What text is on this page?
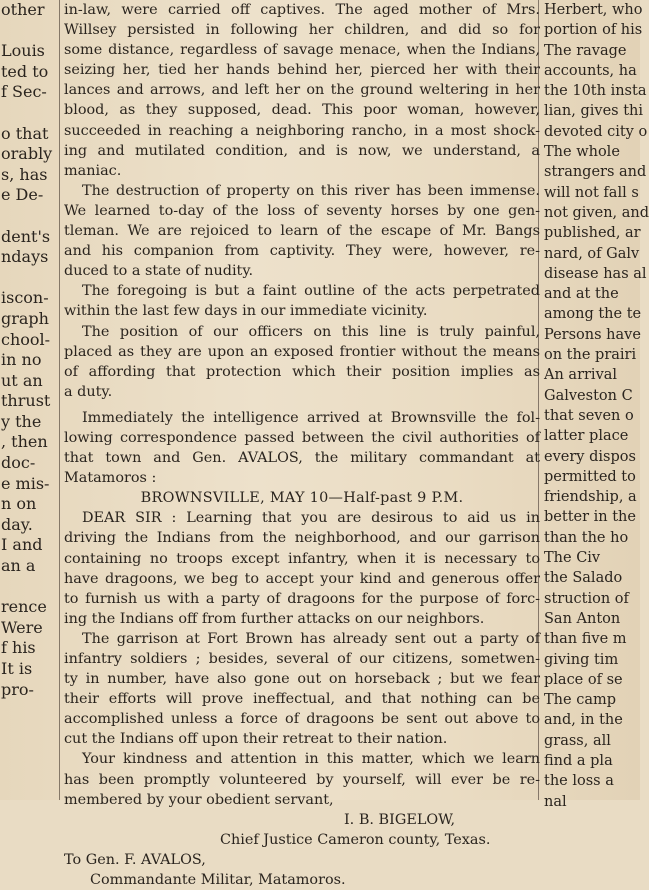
other
Louis
ted to
f Sec-
o that
orably
s, has
e De-
dent's
ndays
iscon-
graph
chool-
in no
ut an
thrust
y the
, then
doc-
e mis-
n on
day.
I and
an a
rence
Were
f his
It is
pro-
in-law, were carried off captives. The aged mother of Mrs.
Willsey persisted in following her children, and did so for
some distance, regardless of savage menace, when the Indians,
seizing her, tied her hands behind her, pierced her with their
lances and arrows, and left her on the ground weltering in her
blood, as they supposed, dead. This poor woman, however,
succeeded in reaching a neighboring rancho, in a most shock-
ing and mutilated condition, and is now, we understand, a
maniac.
The destruction of property on this river has been immense.
We learned to-day of the loss of seventy horses by one gen-
tleman. We are rejoiced to learn of the escape of Mr. Bangs
and his companion from captivity. They were, however, re-
duced to a state of nudity.
The foregoing is but a faint outline of the acts perpetrated
within the last few days in our immediate vicinity.
The position of our officers on this line is truly painful,
placed as they are upon an exposed frontier without the means
of affording that protection which their position implies as
a duty.
Immediately the intelligence arrived at Brownsville the fol-
lowing correspondence passed between the civil authorities of
that town and Gen. AVALOS, the military commandant at
Matamoros :
BROWNSVILLE, MAY 10—Half-past 9 P.M.
DEAR SIR : Learning that you are desirous to aid us in
driving the Indians from the neighborhood, and our garrison
containing no troops except infantry, when it is necessary to
have dragoons, we beg to accept your kind and generous offer
to furnish us with a party of dragoons for the purpose of forc-
ing the Indians off from further attacks on our neighbors.
The garrison at Fort Brown has already sent out a party of
infantry soldiers ; besides, several of our citizens, sometwen-
ty in number, have also gone out on horseback ; but we fear
their efforts will prove ineffectual, and that nothing can be
accomplished unless a force of dragoons be sent out above to
cut the Indians off upon their retreat to their nation.
Your kindness and attention in this matter, which we learn
has been promptly volunteered by yourself, will ever be re-
membered by your obedient servant,
I. B. BIGELOW,
Chief Justice Cameron county, Texas.
To Gen. F. AVALOS,
Commandante Militar, Matamoros.
Herbert, who
portion of his
The ravage
accounts, ha
the 10th insta
lian, gives thi
devoted city o
The whole
strangers and
will not fall s
not given, and
published, ar
nard, of Galv
disease has al
and at the
among the te
Persons have
on the prairi
An arrival
Galveston C
that seven o
latter place
every dispos
permitted to
friendship, a
better in the
than the ho
The Civ
the Salado
struction of
San Anton
than five m
giving tim
place of se
The camp
and, in the
grass, all
find a pla
the loss a
nal
